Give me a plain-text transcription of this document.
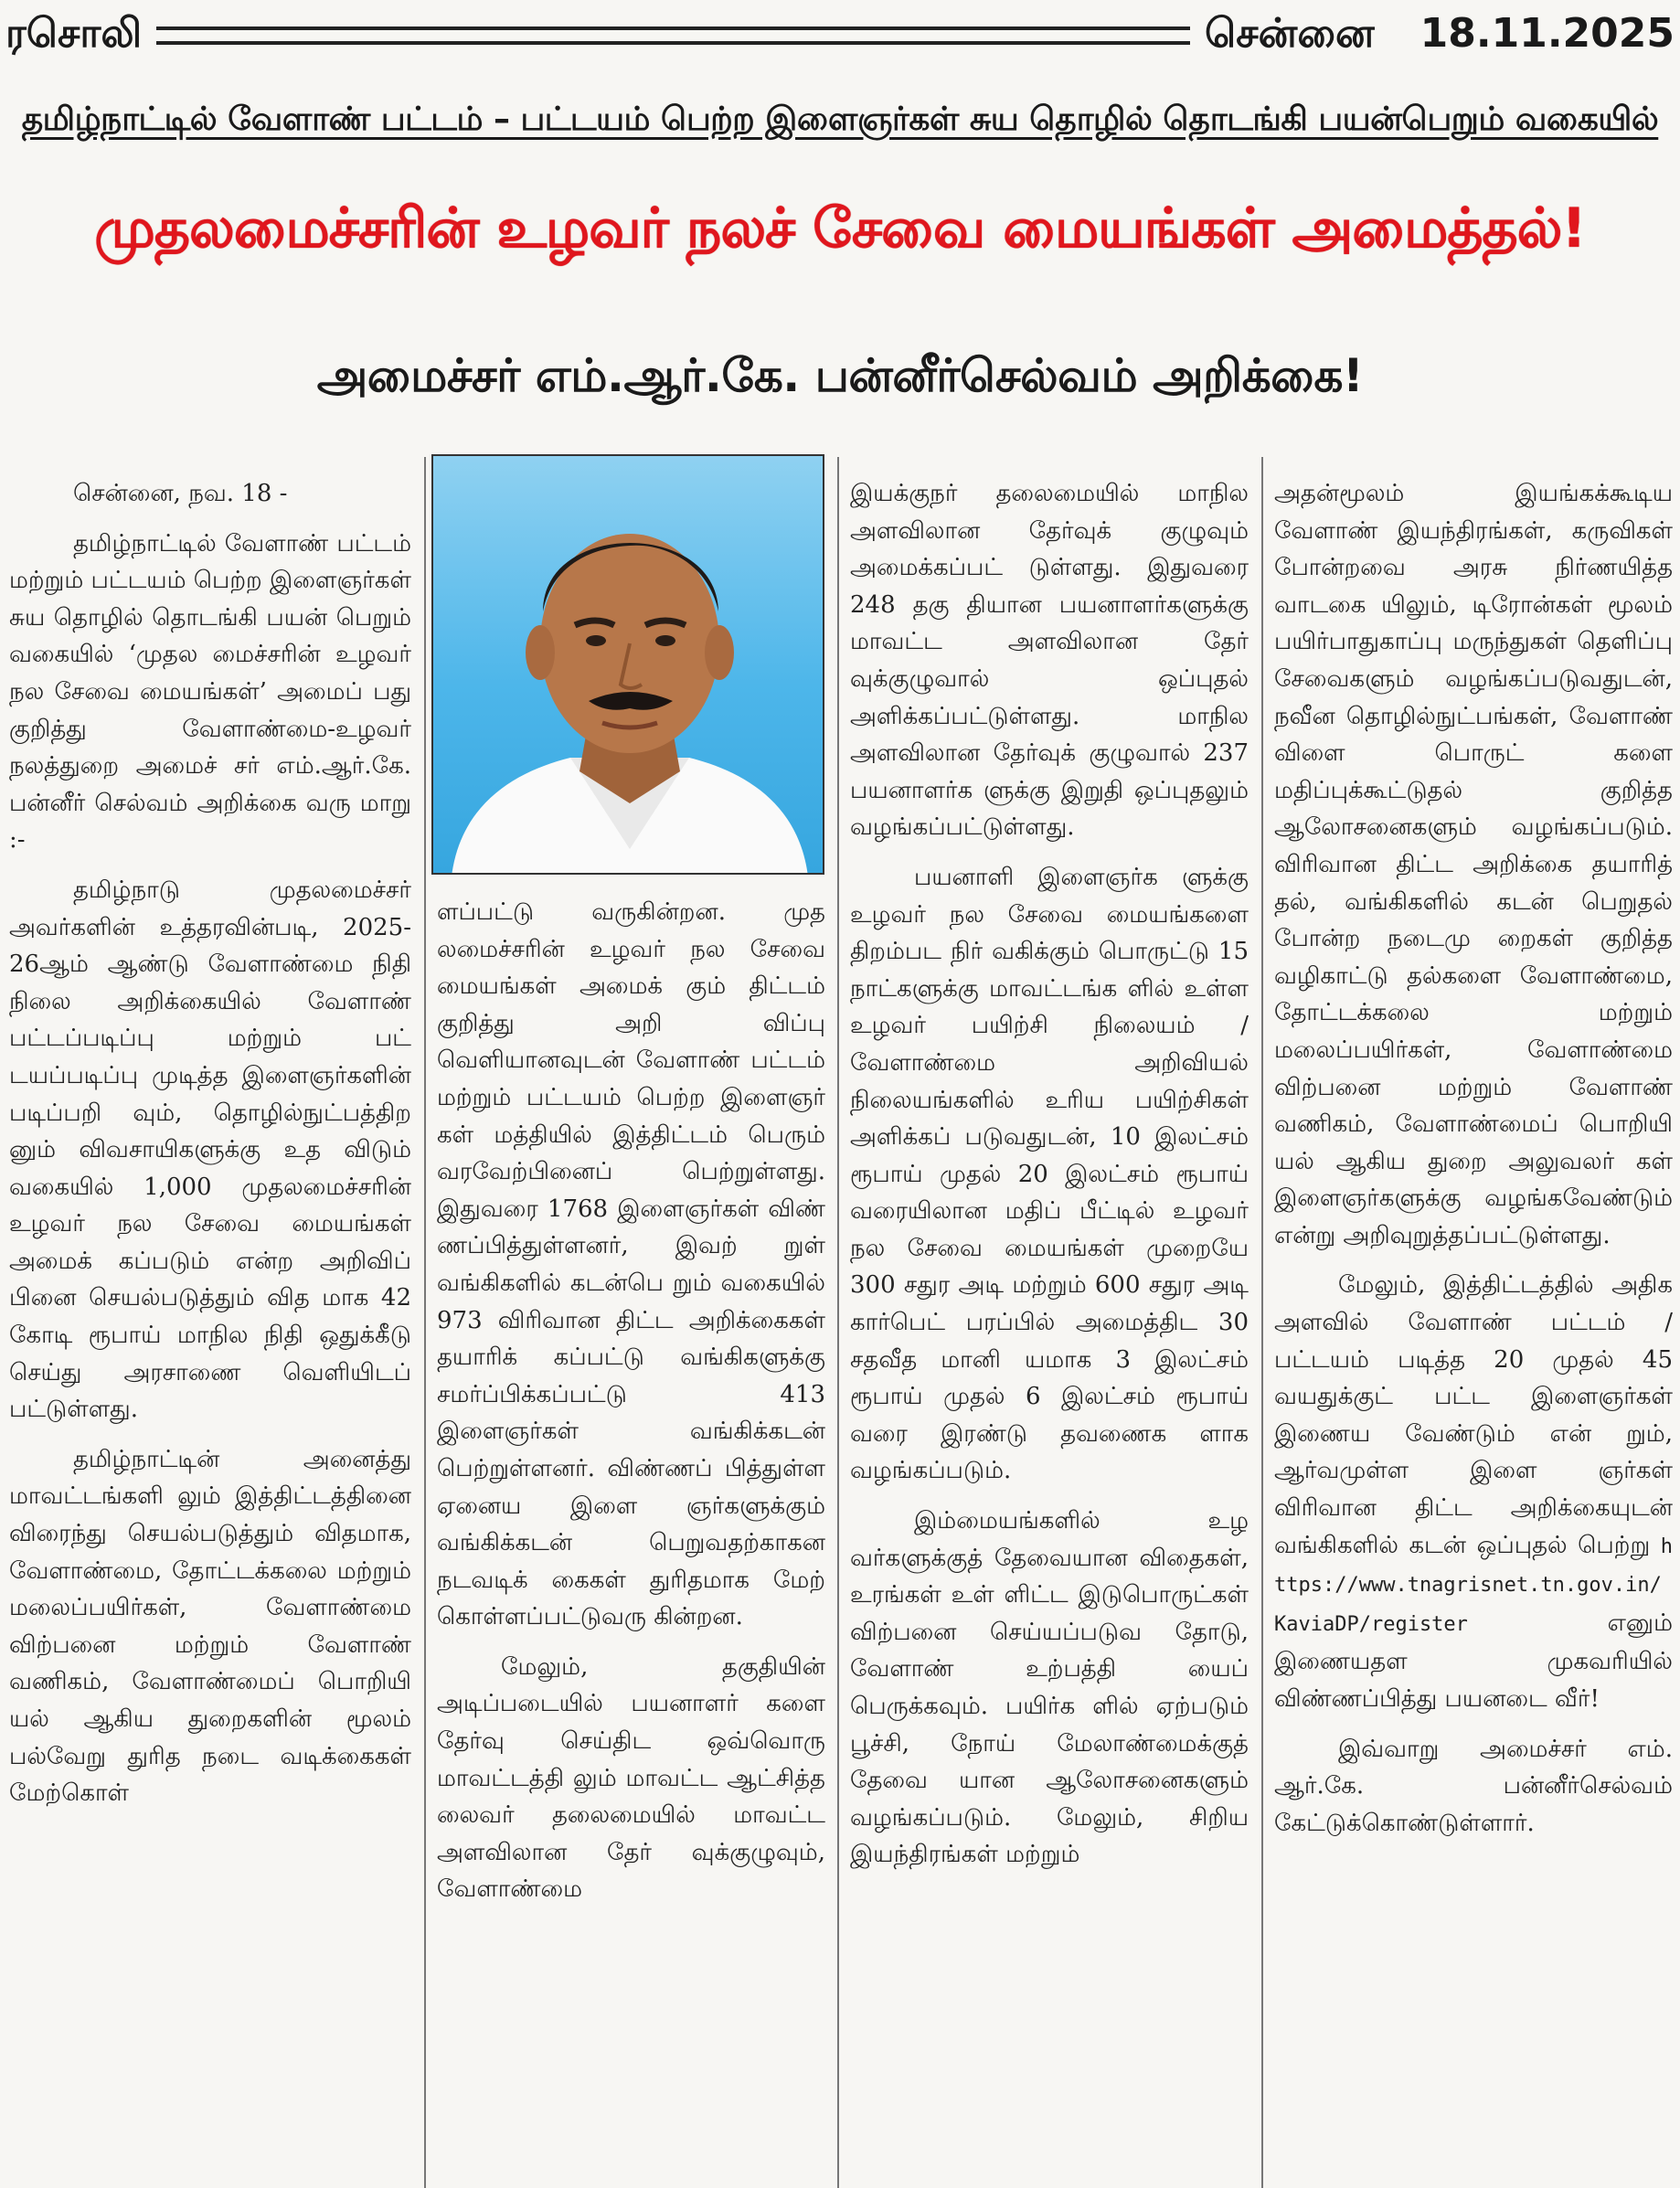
ரசொலி	சென்னை 18.11.2025
தமிழ்நாட்டில் வேளாண் பட்டம் – பட்டயம் பெற்ற இளைஞர்கள் சுய தொழில் தொடங்கி பயன்பெறும் வகையில்
முதலமைச்சரின் உழவர் நலச் சேவை மையங்கள் அமைத்தல்!
அமைச்சர் எம்.ஆர்.கே. பன்னீர்செல்வம் அறிக்கை!

சென்னை, நவ. 18 -

தமிழ்நாட்டில் வேளாண் பட்டம் மற்றும் பட்டயம் பெற்ற இளைஞர்கள் சுய தொழில் தொடங்கி பயன் பெறும் வகையில் ‘முதல மைச்சரின் உழவர் நல சேவை மையங்கள்’ அமைப் பது குறித்து வேளாண்மை-உழவர் நலத்துறை அமைச் சர் எம்.ஆர்.கே. பன்னீர் செல்வம் அறிக்கை வரு மாறு :-

தமிழ்நாடு முதலமைச்சர் அவர்களின் உத்தரவின்படி, 2025-26ஆம் ஆண்டு வேளாண்மை நிதி நிலை அறிக்கையில் வேளாண் பட்டப்படிப்பு மற்றும் பட் டயப்படிப்பு முடித்த இளைஞர்களின் படிப்பறி வும், தொழில்நுட்பத்திற னும் விவசாயிகளுக்கு உத விடும் வகையில் 1,000 முதலமைச்சரின் உழவர் நல சேவை மையங்கள் அமைக் கப்படும் என்ற அறிவிப் பினை செயல்படுத்தும் வித மாக 42 கோடி ரூபாய் மாநில நிதி ஒதுக்கீடு செய்து அரசாணை வெளியிடப் பட்டுள்ளது.

தமிழ்நாட்டின் அனைத்து மாவட்டங்களி லும் இத்திட்டத்தினை விரைந்து செயல்படுத்தும் விதமாக, வேளாண்மை, தோட்டக்கலை மற்றும் மலைப்பயிர்கள், வேளாண்மை விற்பனை மற்றும் வேளாண் வணிகம், வேளாண்மைப் பொறியி யல் ஆகிய துறைகளின் மூலம் பல்வேறு துரித நடை வடிக்கைகள் மேற்கொள்

ளப்பட்டு வருகின்றன. முத லமைச்சரின் உழவர் நல சேவை மையங்கள் அமைக் கும் திட்டம் குறித்து அறி விப்பு வெளியானவுடன் வேளாண் பட்டம் மற்றும் பட்டயம் பெற்ற இளைஞர் கள் மத்தியில் இத்திட்டம் பெரும் வரவேற்பினைப் பெற்றுள்ளது. இதுவரை 1768 இளைஞர்கள் விண் ணப்பித்துள்ளனர், இவற் றுள் வங்கிகளில் கடன்பெ றும் வகையில் 973 விரிவான திட்ட அறிக்கைகள் தயாரிக் கப்பட்டு வங்கிகளுக்கு சமர்ப்பிக்கப்பட்டு 413 இளைஞர்கள் வங்கிக்கடன் பெற்றுள்ளனர். விண்ணப் பித்துள்ள ஏனைய இளை ஞர்களுக்கும் வங்கிக்கடன் பெறுவதற்காகன நடவடிக் கைகள் துரிதமாக மேற் கொள்ளப்பட்டுவரு கின்றன.

மேலும், தகுதியின் அடிப்படையில் பயனாளர் களை தேர்வு செய்திட ஒவ்வொரு மாவட்டத்தி லும் மாவட்ட ஆட்சித்த லைவர் தலைமையில் மாவட்ட அளவிலான தேர் வுக்குழுவும், வேளாண்மை

இயக்குநர் தலைமையில் மாநில அளவிலான தேர்வுக் குழுவும் அமைக்கப்பட் டுள்ளது. இதுவரை 248 தகு தியான பயனாளர்களுக்கு மாவட்ட அளவிலான தேர் வுக்குழுவால் ஒப்புதல் அளிக்கப்பட்டுள்ளது. மாநில அளவிலான தேர்வுக் குழுவால் 237 பயனாளர்க ளுக்கு இறுதி ஒப்புதலும் வழங்கப்பட்டுள்ளது.

பயனாளி இளைஞர்க ளுக்கு உழவர் நல சேவை மையங்களை திறம்பட நிர் வகிக்கும் பொருட்டு 15 நாட்களுக்கு மாவட்டங்க ளில் உள்ள உழவர் பயிற்சி நிலையம் / வேளாண்மை அறிவியல் நிலையங்களில் உரிய பயிற்சிகள் அளிக்கப் படுவதுடன், 10 இலட்சம் ரூபாய் முதல் 20 இலட்சம் ரூபாய் வரையிலான மதிப் பீட்டில் உழவர் நல சேவை மையங்கள் முறையே 300 சதுர அடி மற்றும் 600 சதுர அடி கார்பெட் பரப்பில் அமைத்திட 30 சதவீத மானி யமாக 3 இலட்சம் ரூபாய் முதல் 6 இலட்சம் ரூபாய் வரை இரண்டு தவணைக ளாக வழங்கப்படும்.

இம்மையங்களில் உழ வர்களுக்குத் தேவையான விதைகள், உரங்கள் உள் ளிட்ட இடுபொருட்கள் விற்பனை செய்யப்படுவ தோடு, வேளாண் உற்பத்தி யைப் பெருக்கவும். பயிர்க ளில் ஏற்படும் பூச்சி, நோய் மேலாண்மைக்குத் தேவை யான ஆலோசனைகளும் வழங்கப்படும். மேலும், சிறிய இயந்திரங்கள் மற்றும்

அதன்மூலம் இயங்கக்கூடிய வேளாண் இயந்திரங்கள், கருவிகள் போன்றவை அரசு நிர்ணயித்த வாடகை யிலும், டிரோன்கள் மூலம் பயிர்பாதுகாப்பு மருந்துகள் தெளிப்பு சேவைகளும் வழங்கப்படுவதுடன், நவீன தொழில்நுட்பங்கள், வேளாண் விளை பொருட் களை மதிப்புக்கூட்டுதல் குறித்த ஆலோசனைகளும் வழங்கப்படும். விரிவான திட்ட அறிக்கை தயாரித் தல், வங்கிகளில் கடன் பெறுதல் போன்ற நடைமு றைகள் குறித்த வழிகாட்டு தல்களை வேளாண்மை, தோட்டக்கலை மற்றும் மலைப்பயிர்கள், வேளாண்மை விற்பனை மற்றும் வேளாண் வணிகம், வேளாண்மைப் பொறியி யல் ஆகிய துறை அலுவலர் கள் இளைஞர்களுக்கு வழங்கவேண்டும் என்று அறிவுறுத்தப்பட்டுள்ளது.

மேலும், இத்திட்டத்தில் அதிக அளவில் வேளாண் பட்டம் / பட்டயம் படித்த 20 முதல் 45 வயதுக்குட் பட்ட இளைஞர்கள் இணைய வேண்டும் என் றும், ஆர்வமுள்ள இளை ஞர்கள் விரிவான திட்ட அறிக்கையுடன் வங்கிகளில் கடன் ஒப்புதல் பெற்று https://www.tnagrisnet.tn.gov.in/KaviaDP/register	எனும் இணையதள முகவரியில் விண்ணப்பித்து பயனடை வீர்!

இவ்வாறு அமைச்சர் எம். ஆர்.கே. பன்னீர்செல்வம் கேட்டுக்கொண்டுள்ளார்.
